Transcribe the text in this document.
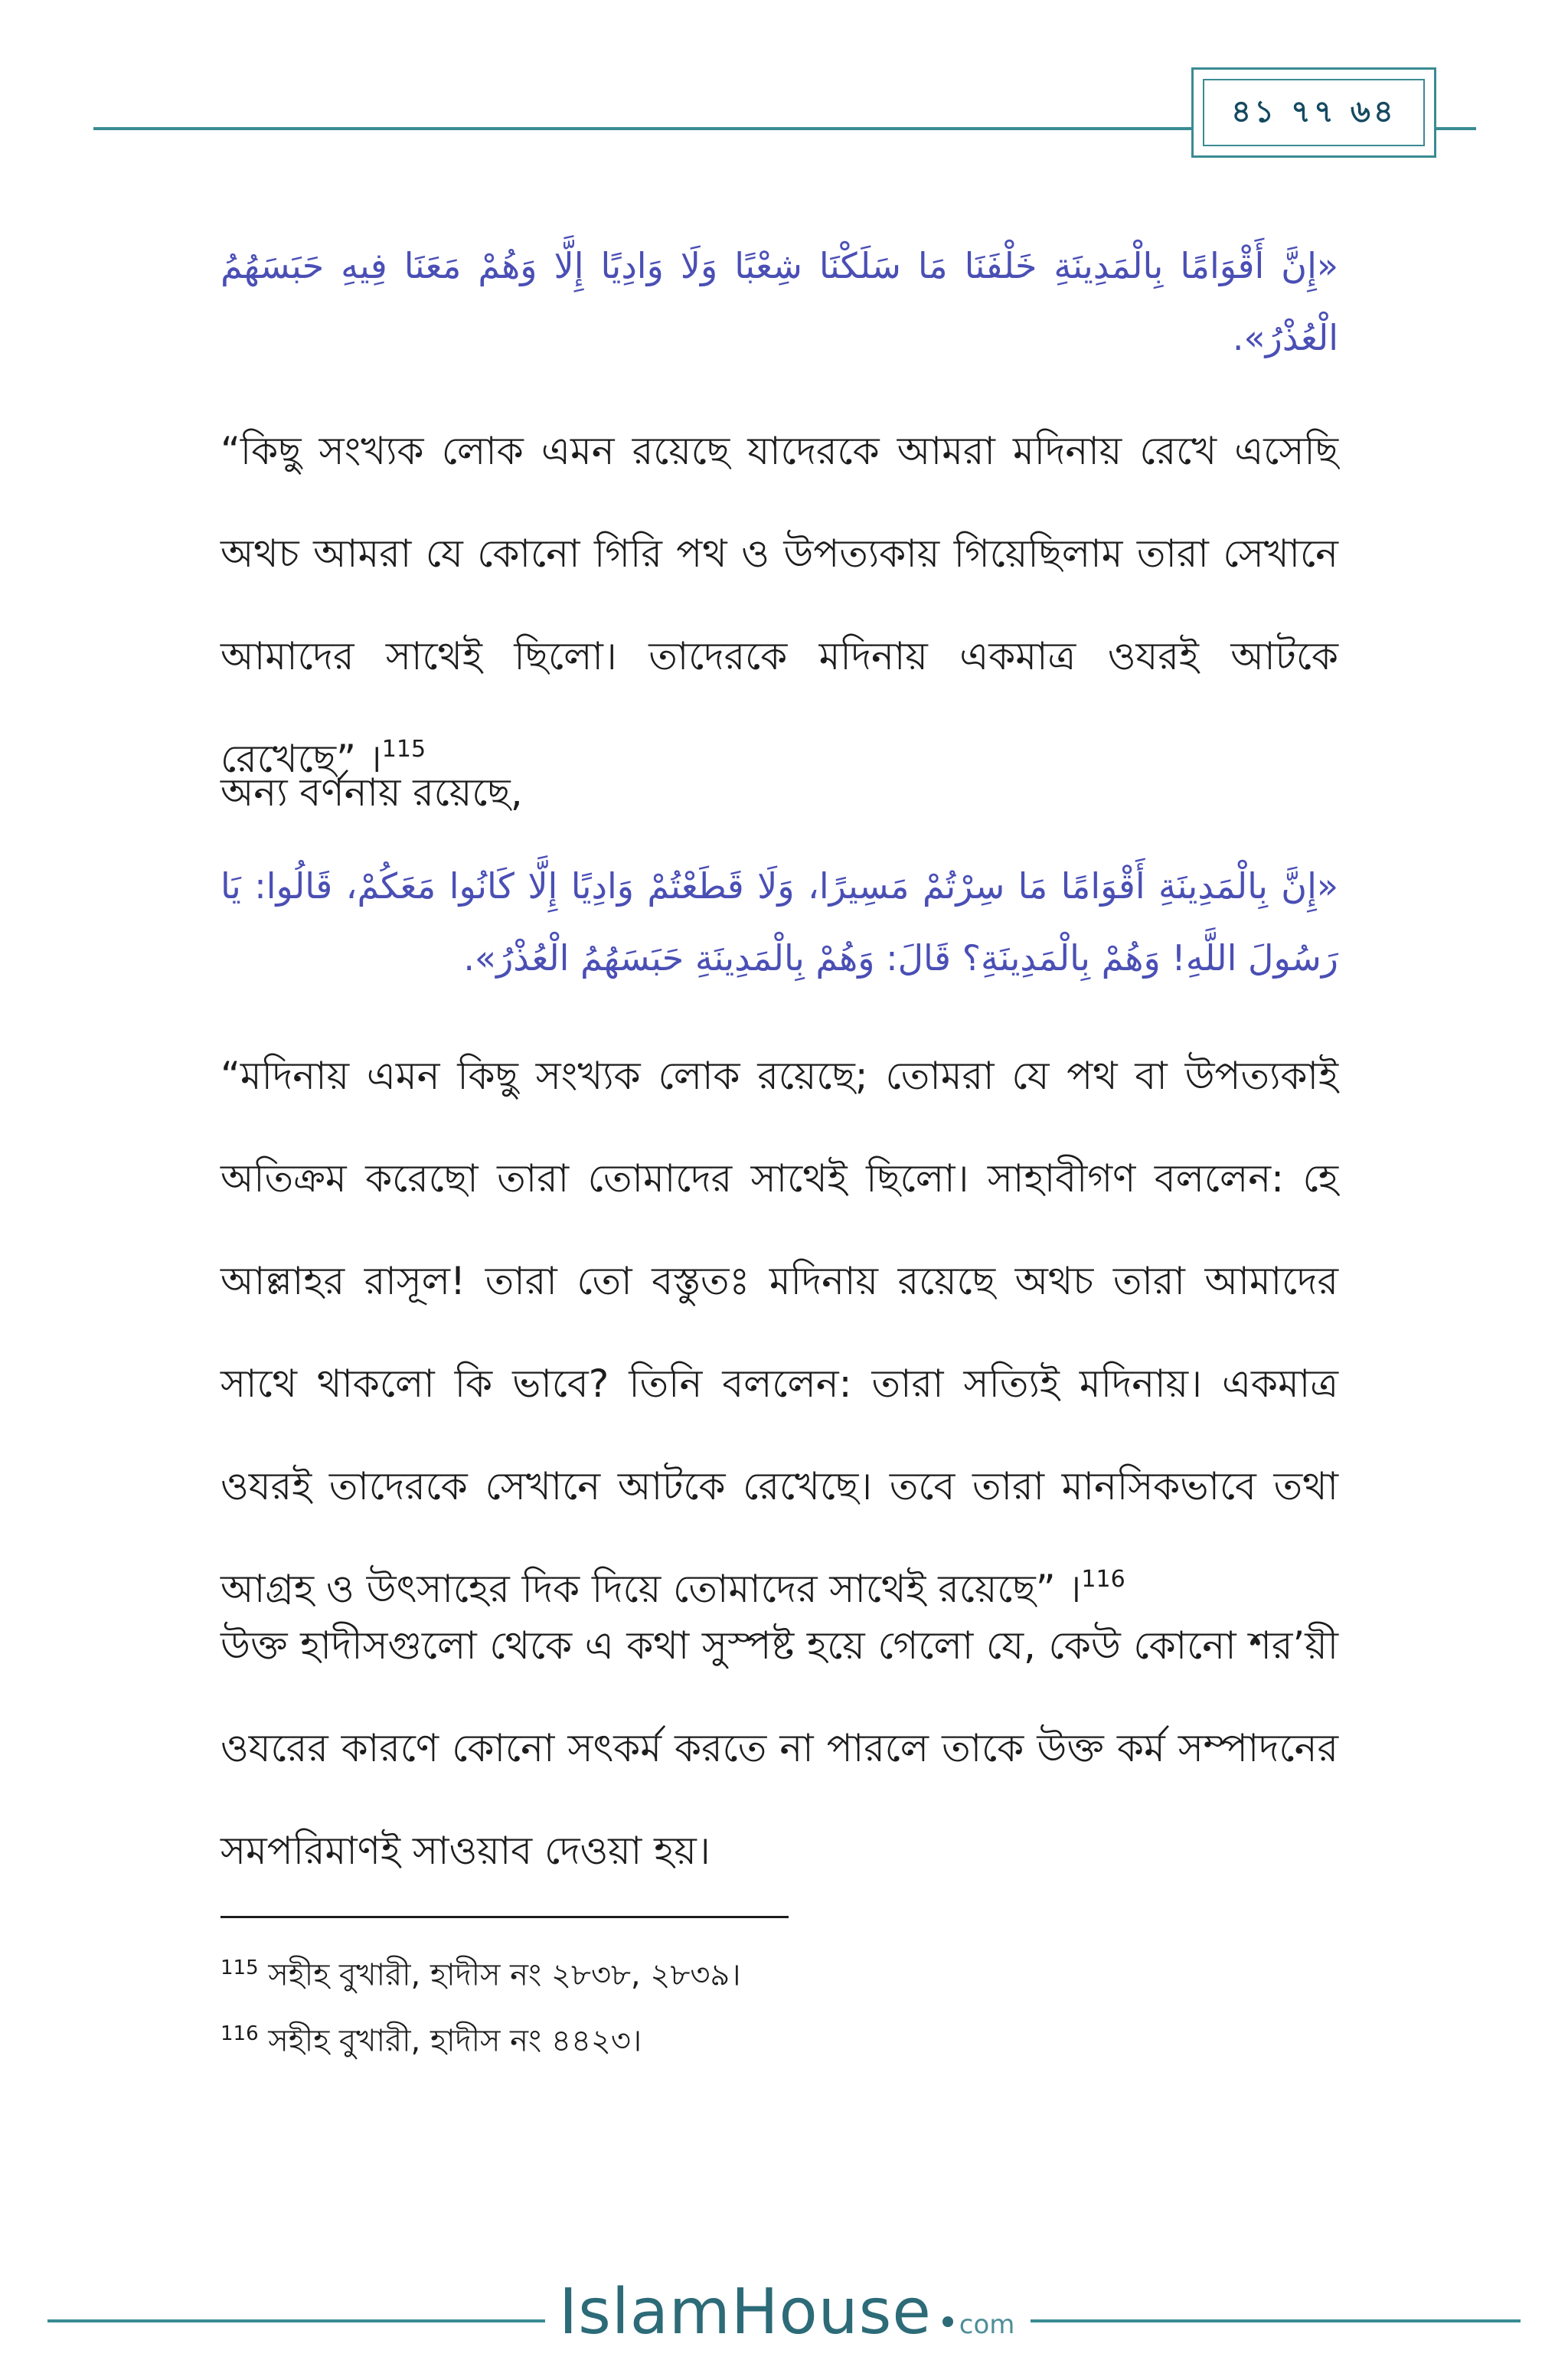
৪১ ৭৭ ৬৪
«إِنَّ أَقْوَامًا بِالْمَدِينَةِ خَلْفَنَا مَا سَلَكْنَا شِعْبًا وَلَا وَادِيًا إِلَّا وَهُمْ مَعَنَا فِيهِ حَبَسَهُمُ الْعُذْرُ».
“কিছু সংখ্যক লোক এমন রয়েছে যাদেরকে আমরা মদিনায় রেখে এসেছি অথচ আমরা যে কোনো গিরি পথ ও উপত্যকায় গিয়েছিলাম তারা সেখানে আমাদের সাথেই ছিলো। তাদেরকে মদিনায় একমাত্র ওযরই আটকে রেখেছে” ।$^{115}$
অন্য বর্ণনায় রয়েছে,
«إِنَّ بِالْمَدِينَةِ أَقْوَامًا مَا سِرْتُمْ مَسِيرًا، وَلَا قَطَعْتُمْ وَادِيًا إِلَّا كَانُوا مَعَكُمْ، قَالُوا: يَا رَسُولَ اللَّهِ! وَهُمْ بِالْمَدِينَةِ؟ قَالَ: وَهُمْ بِالْمَدِينَةِ حَبَسَهُمُ الْعُذْرُ».
“মদিনায় এমন কিছু সংখ্যক লোক রয়েছে; তোমরা যে পথ বা উপত্যকাই অতিক্রম করেছো তারা তোমাদের সাথেই ছিলো। সাহাবীগণ বললেন: হে আল্লাহর রাসূল! তারা তো বস্তুতঃ মদিনায় রয়েছে অথচ তারা আমাদের সাথে থাকলো কি ভাবে? তিনি বললেন: তারা সত্যিই মদিনায়। একমাত্র ওযরই তাদেরকে সেখানে আটকে রেখেছে। তবে তারা মানসিকভাবে তথা আগ্রহ ও উৎসাহের দিক দিয়ে তোমাদের সাথেই রয়েছে” ।$^{116}$
উক্ত হাদীসগুলো থেকে এ কথা সুস্পষ্ট হয়ে গেলো যে, কেউ কোনো শর’য়ী ওযরের কারণে কোনো সৎকর্ম করতে না পারলে তাকে উক্ত কর্ম সম্পাদনের সমপরিমাণই সাওয়াব দেওয়া হয়।
$^{115}$ সহীহ বুখারী, হাদীস নং ২৮৩৮, ২৮৩৯।
$^{116}$ সহীহ বুখারী, হাদীস নং ৪৪২৩।
IslamHouse com
